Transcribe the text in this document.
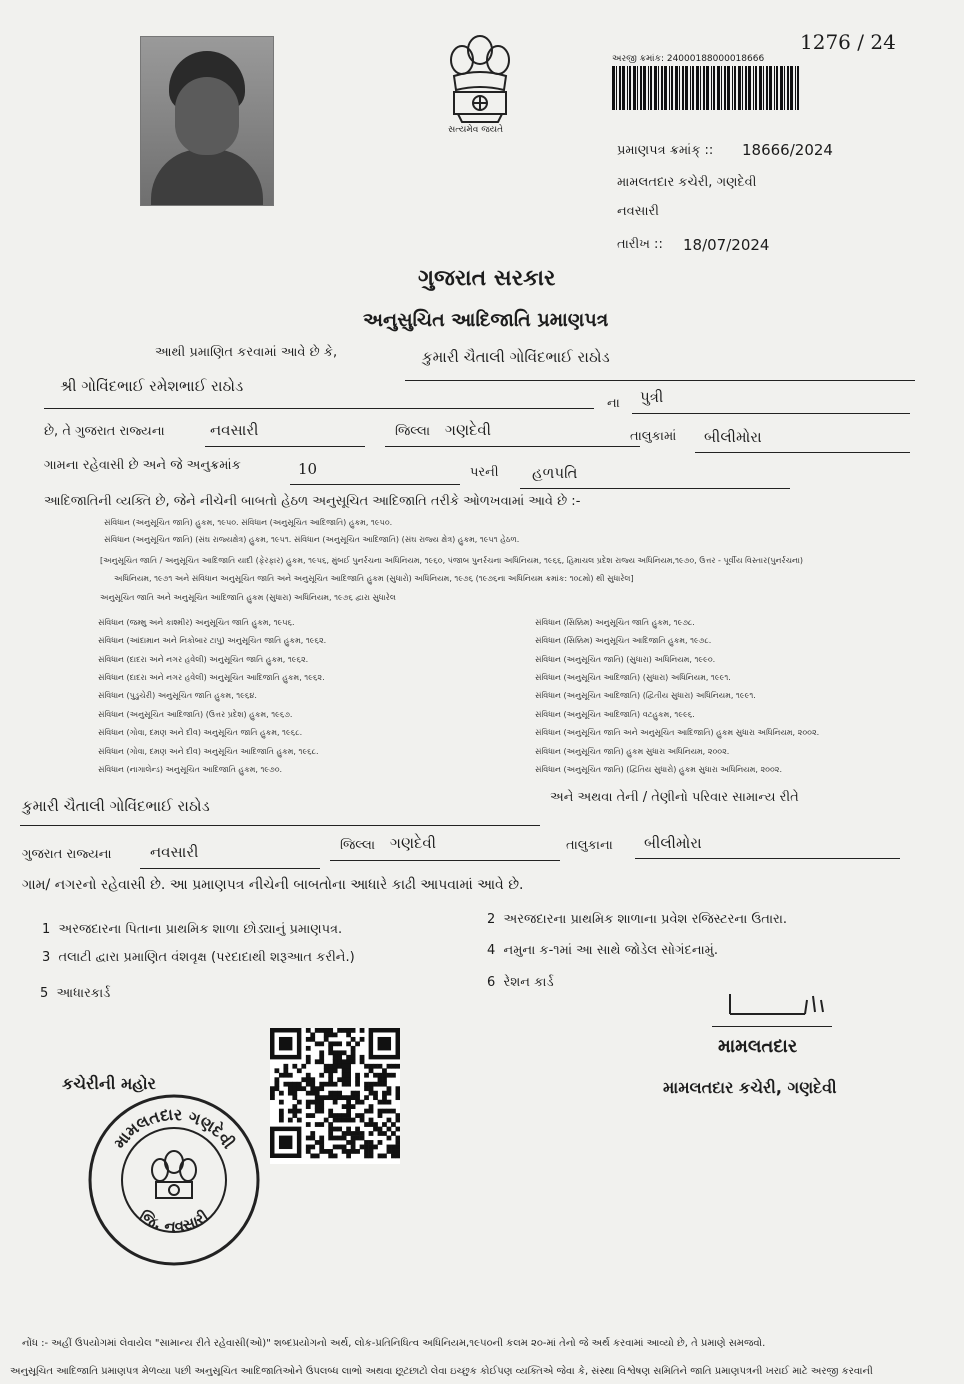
સત્યમેવ જયતે
1276 / 24
અરજી ક્રમાંક: 24000188000018666
પ્રમાણપત્ર ક્રમાંક્ :: 18666/2024
મામલતદાર કચેરી, ગણદેવી
નવસારી
તારીખ :: 18/07/2024
ગુજરાત સરકાર
અનુસુચિત આદિજાતિ પ્રમાણપત્ર
આથી પ્રમાણિત કરવામાં આવે છે કે,	કુમારી ચૈતાલી ગોવિંદભાઈ રાઠોડ
શ્રી ગોવિંદભાઈ રમેશભાઈ રાઠોડ
ના પુત્રી
છે, તે ગુજરાત રાજ્યના	નવસારી	જિલ્લા ગણદેવી	તાલુકામાં બીલીમોરા
ગામના રહેવાસી છે અને જે અનુક્રમાંક	10	પરની હળપતિ
આદિજાતિની વ્યક્તિ છે, જેને નીચેની બાબતો હેઠળ અનુસૂચિત આદિજાતિ તરીકે ઓળખવામાં આવે છે :-
સંવિધાન (અનુસૂચિત જાતિ) હુકમ, ૧૯૫૦. સંવિધાન (અનુસૂચિત આદિજાતિ) હુકમ, ૧૯૫૦.
સંવિધાન (અનુસૂચિત જાતિ) (સંઘ રાજ્યક્ષેત્ર) હુકમ, ૧૯૫૧. સંવિધાન (અનુસૂચિત આદિજાતિ) (સંઘ રાજ્ય ક્ષેત્ર) હુકમ, ૧૯૫૧ હેઠળ.
[અનુસૂચિત જાતિ / અનુસૂચિત આદિજાતિ યાદી (ફેરફાર) હુકમ, ૧૯૫૬, મુંબઈ પુનર્રચના અધિનિયમ, ૧૯૬૦, પંજાબ પુનર્રચના અધિનિયમ, ૧૯૬૬, હિમાચલ પ્રદેશ રાજ્ય અધિનિયમ,૧૯૭૦, ઉત્તર - પૂર્વીય વિસ્તાર(પુનર્રચના)
અધિનિયમ, ૧૯૭૧ અને સંવિધાન અનુસૂચિત જાતિ અને અનુસૂચિત આદિજાતિ હુકમ (સુધારો) અધિનિયમ, ૧૯૭૬ (૧૯૭૬ના અધિનિયમ ક્રમાંક: ૧૦૮મો) થી સુધારેલ]
અનુસૂચિત જાતિ અને અનુસૂચિત આદિજાતિ હુકમ (સુધારા) અધિનિયમ, ૧૯૭૬ દ્વારા સુધારેલ
સંવિધાન (જમ્મુ અને કાશ્મીર) અનુસૂચિત જાતિ હુકમ, ૧૯૫૬.
સંવિધાન (આંદામાન અને નિકોબાર ટાપુ) અનુસૂચિત જાતિ હુકમ, ૧૯૬૨.
સંવિધાન (દાદરા અને નગર હવેલી) અનુસૂચિત જાતિ હુકમ, ૧૯૬૨.
સંવિધાન (દાદરા અને નગર હવેલી) અનુસૂચિત આદિજાતિ હુકમ, ૧૯૬૨.
સંવિધાન (પુડુચેરી) અનુસૂચિત જાતિ હુકમ, ૧૯૬૪.
સંવિધાન (અનુસૂચિત આદિજાતિ) (ઉત્તર પ્રદેશ) હુકમ, ૧૯૬૭.
સંવિધાન (ગોવા, દમણ અને દીવ) અનુસૂચિત જાતિ હુકમ, ૧૯૬૮.
સંવિધાન (ગોવા, દમણ અને દીવ) અનુસૂચિત આદિજાતિ હુકમ, ૧૯૬૮.
સંવિધાન (નાગાલેન્ડ) અનુસૂચિત આદિજાતિ હુકમ, ૧૯૭૦.
સંવિધાન (સિક્કિમ) અનુસૂચિત જાતિ હુકમ, ૧૯૭૮.
સંવિધાન (સિક્કિમ) અનુસૂચિત આદિજાતિ હુકમ, ૧૯૭૮.
સંવિધાન (અનુસૂચિત જાતિ) (સુધારા) અધિનિયમ, ૧૯૯૦.
સંવિધાન (અનુસૂચિત આદિજાતિ) (સુધારા) અધિનિયમ, ૧૯૯૧.
સંવિધાન (અનુસૂચિત આદિજાતિ) (દ્વિતીય સુધારા) અધિનિયમ, ૧૯૯૧.
સંવિધાન (અનુસૂચિત આદિજાતિ) વટહુકમ, ૧૯૯૬.
સંવિધાન (અનુસૂચિત જાતિ અને અનુસૂચિત આદિજાતિ) હુકમ સુધારા અધિનિયમ, ૨૦૦૨.
સંવિધાન (અનુસૂચિત જાતિ) હુકમ સુધારા અધિનિયમ, ૨૦૦૨.
સંવિધાન (અનુસૂચિત જાતિ) (દ્વિતિય સુધારો) હુકમ સુધારા અધિનિયમ, ૨૦૦૨.
કુમારી ચૈતાલી ગોવિંદભાઈ રાઠોડ	અને અથવા તેની / તેણીનો પરિવાર સામાન્ય રીતે
ગુજરાત રાજ્યના	નવસારી	જિલ્લા ગણદેવી	તાલુકાના બીલીમોરા
ગામ/ નગરનો રહેવાસી છે. આ પ્રમાણપત્ર નીચેની બાબતોના આધારે કાઢી આપવામાં આવે છે.
1 અરજદારના પિતાના પ્રાથમિક શાળા છોડ્યાનું પ્રમાણપત્ર.
2 અરજદારના પ્રાથમિક શાળાના પ્રવેશ રજિસ્ટરના ઉતારા.
3 તલાટી દ્વારા પ્રમાણિત વંશવૃક્ષ (પરદાદાથી શરૂઆત કરીને.)	4 નમુના ક-૧માં આ સાથે જોડેલ સોગંદનામું.
5 આધારકાર્ડ
6 રેશન કાર્ડ
મામલતદાર
મામલતદાર કચેરી, ગણદેવી
કચેરીની મહોર
મામલતદાર ગણદેવી
જિ. નવસારી
નોંધ :- અહીં ઉપયોગમાં લેવાયેલ "સામાન્ય રીતે રહેવાસી(ઓ)" શબ્દપ્રયોગનો અર્થ, લોક-પ્રતિનિધિત્વ અધિનિયમ,૧૯૫૦ની કલમ ૨૦-માં તેનો જે અર્થ કરવામાં આવ્યો છે, તે પ્રમાણે સમજવો.
અનુસૂચિત આદિજાતિ પ્રમાણપત્ર મેળવ્યા પછી અનુસૂચિત આદિજાતિઓને ઉપલબ્ધ લાભો અથવા છૂટછાટો લેવા ઇચ્છુક કોઈપણ વ્યક્તિએ જેવા કે, સંસ્થા વિશ્વેષણ સમિતિને જાતિ પ્રમાણપત્રની ખરાઈ માટે અરજી કરવાની
